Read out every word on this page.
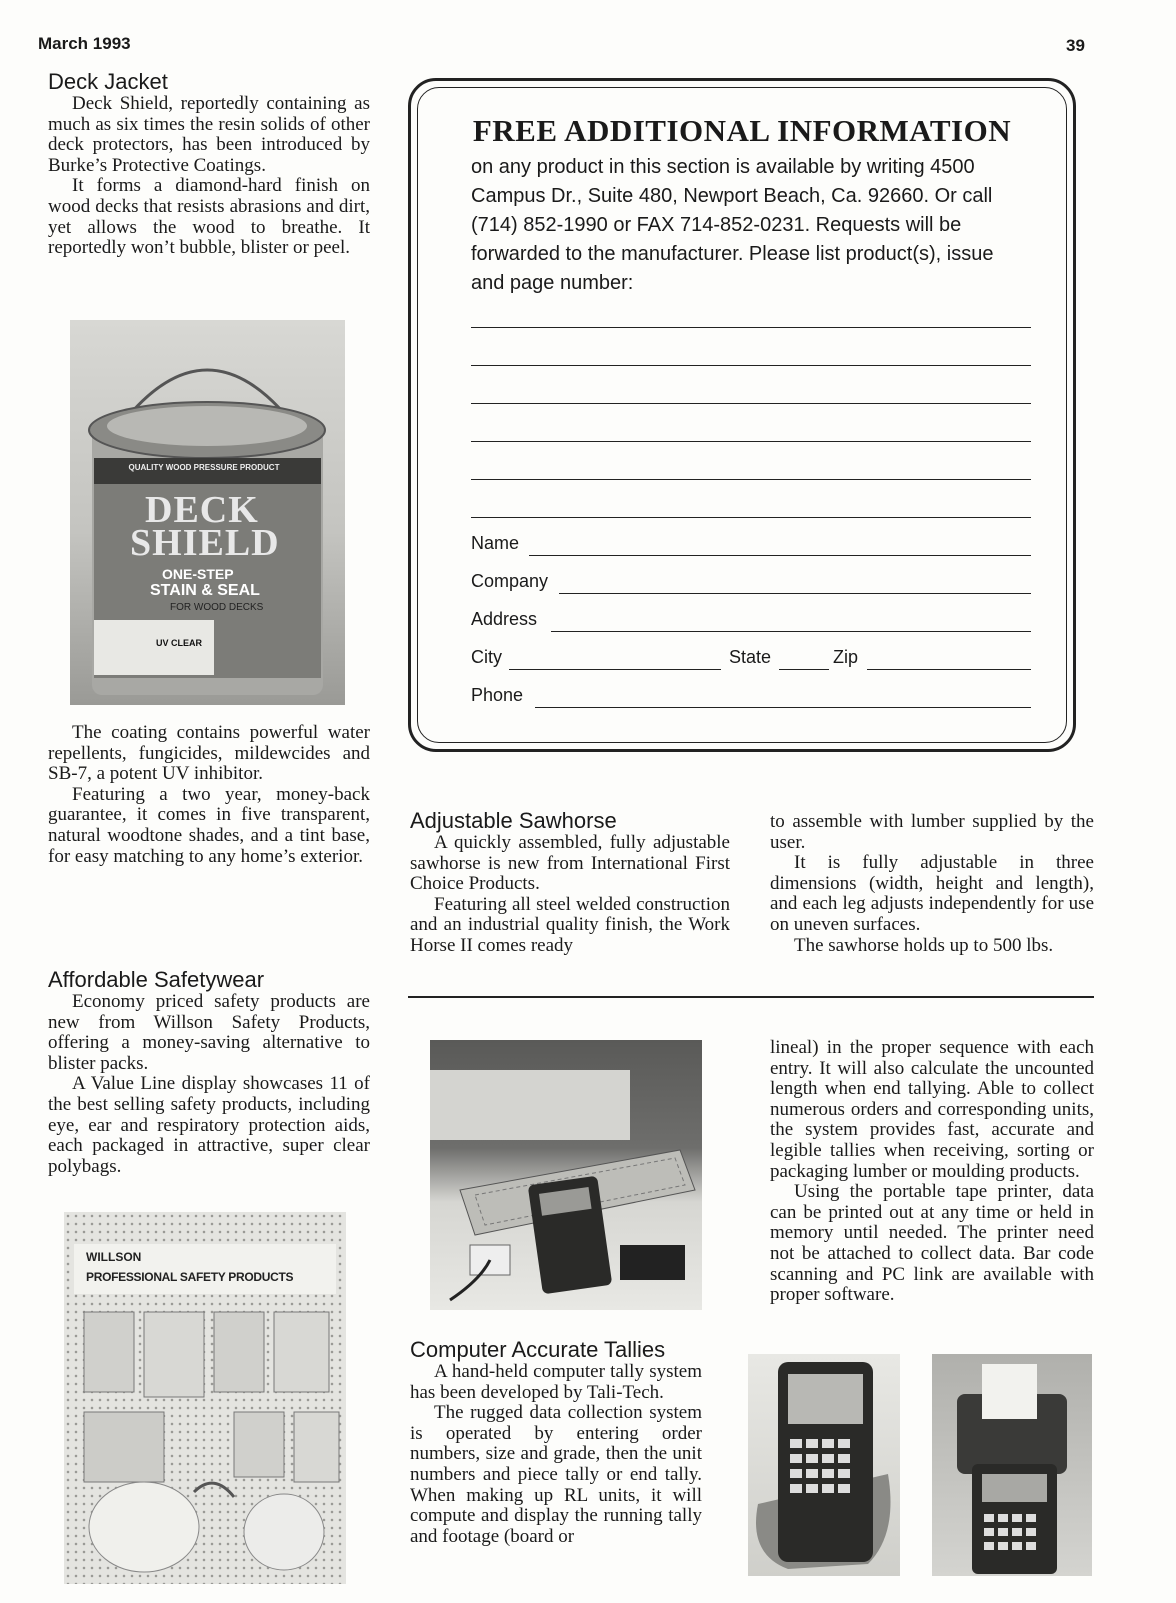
March 1993	39
Deck Jacket

Deck Shield, reportedly containing as much as six times the resin solids of other deck protectors, has been introduced by Burke’s Protective Coatings.

It forms a diamond-hard finish on wood decks that resists abrasions and dirt, yet allows the wood to breathe. It reportedly won’t bubble, blister or peel.

QUALITY WOOD PRESSURE PRODUCT
DECK
SHIELD
ONE-STEP
STAIN & SEAL
FOR WOOD DECKS
UV CLEAR

The coating contains powerful water repellents, fungicides, mildewcides and SB-7, a potent UV inhibitor.

Featuring a two year, money-back guarantee, it comes in five transparent, natural woodtone shades, and a tint base, for easy matching to any home’s exterior.

FREE ADDITIONAL INFORMATION
on any product in this section is available by writing 4500 Campus Dr., Suite 480, Newport Beach, Ca. 92660. Or call (714) 852-1990 or FAX 714-852-0231. Requests will be forwarded to the manufacturer. Please list product(s), issue and page number:
Name
Company
Address
City	State	Zip
Phone
Adjustable Sawhorse

A quickly assembled, fully adjustable sawhorse is new from International First Choice Products.

Featuring all steel welded construction and an industrial quality finish, the Work Horse II comes ready

to assemble with lumber supplied by the user.

It is fully adjustable in three dimensions (width, height and length), and each leg adjusts independently for use on uneven surfaces.

The sawhorse holds up to 500 lbs.

Affordable Safetywear

Economy priced safety products are new from Willson Safety Products, offering a money-saving alternative to blister packs.

A Value Line display showcases 11 of the best selling safety products, including eye, ear and respiratory protection aids, each packaged in attractive, super clear polybags.

WILLSON
PROFESSIONAL SAFETY PRODUCTS
Computer Accurate Tallies

A hand-held computer tally system has been developed by Tali-Tech.

The rugged data collection system is operated by entering order numbers, size and grade, then the unit numbers and piece tally or end tally. When making up RL units, it will compute and display the running tally and footage (board or

lineal) in the proper sequence with each entry. It will also calculate the uncounted length when end tallying. Able to collect numerous orders and corresponding units, the system provides fast, accurate and legible tallies when receiving, sorting or packaging lumber or moulding products.

Using the portable tape printer, data can be printed out at any time or held in memory until needed. The printer need not be attached to collect data. Bar code scanning and PC link are available with proper software.
